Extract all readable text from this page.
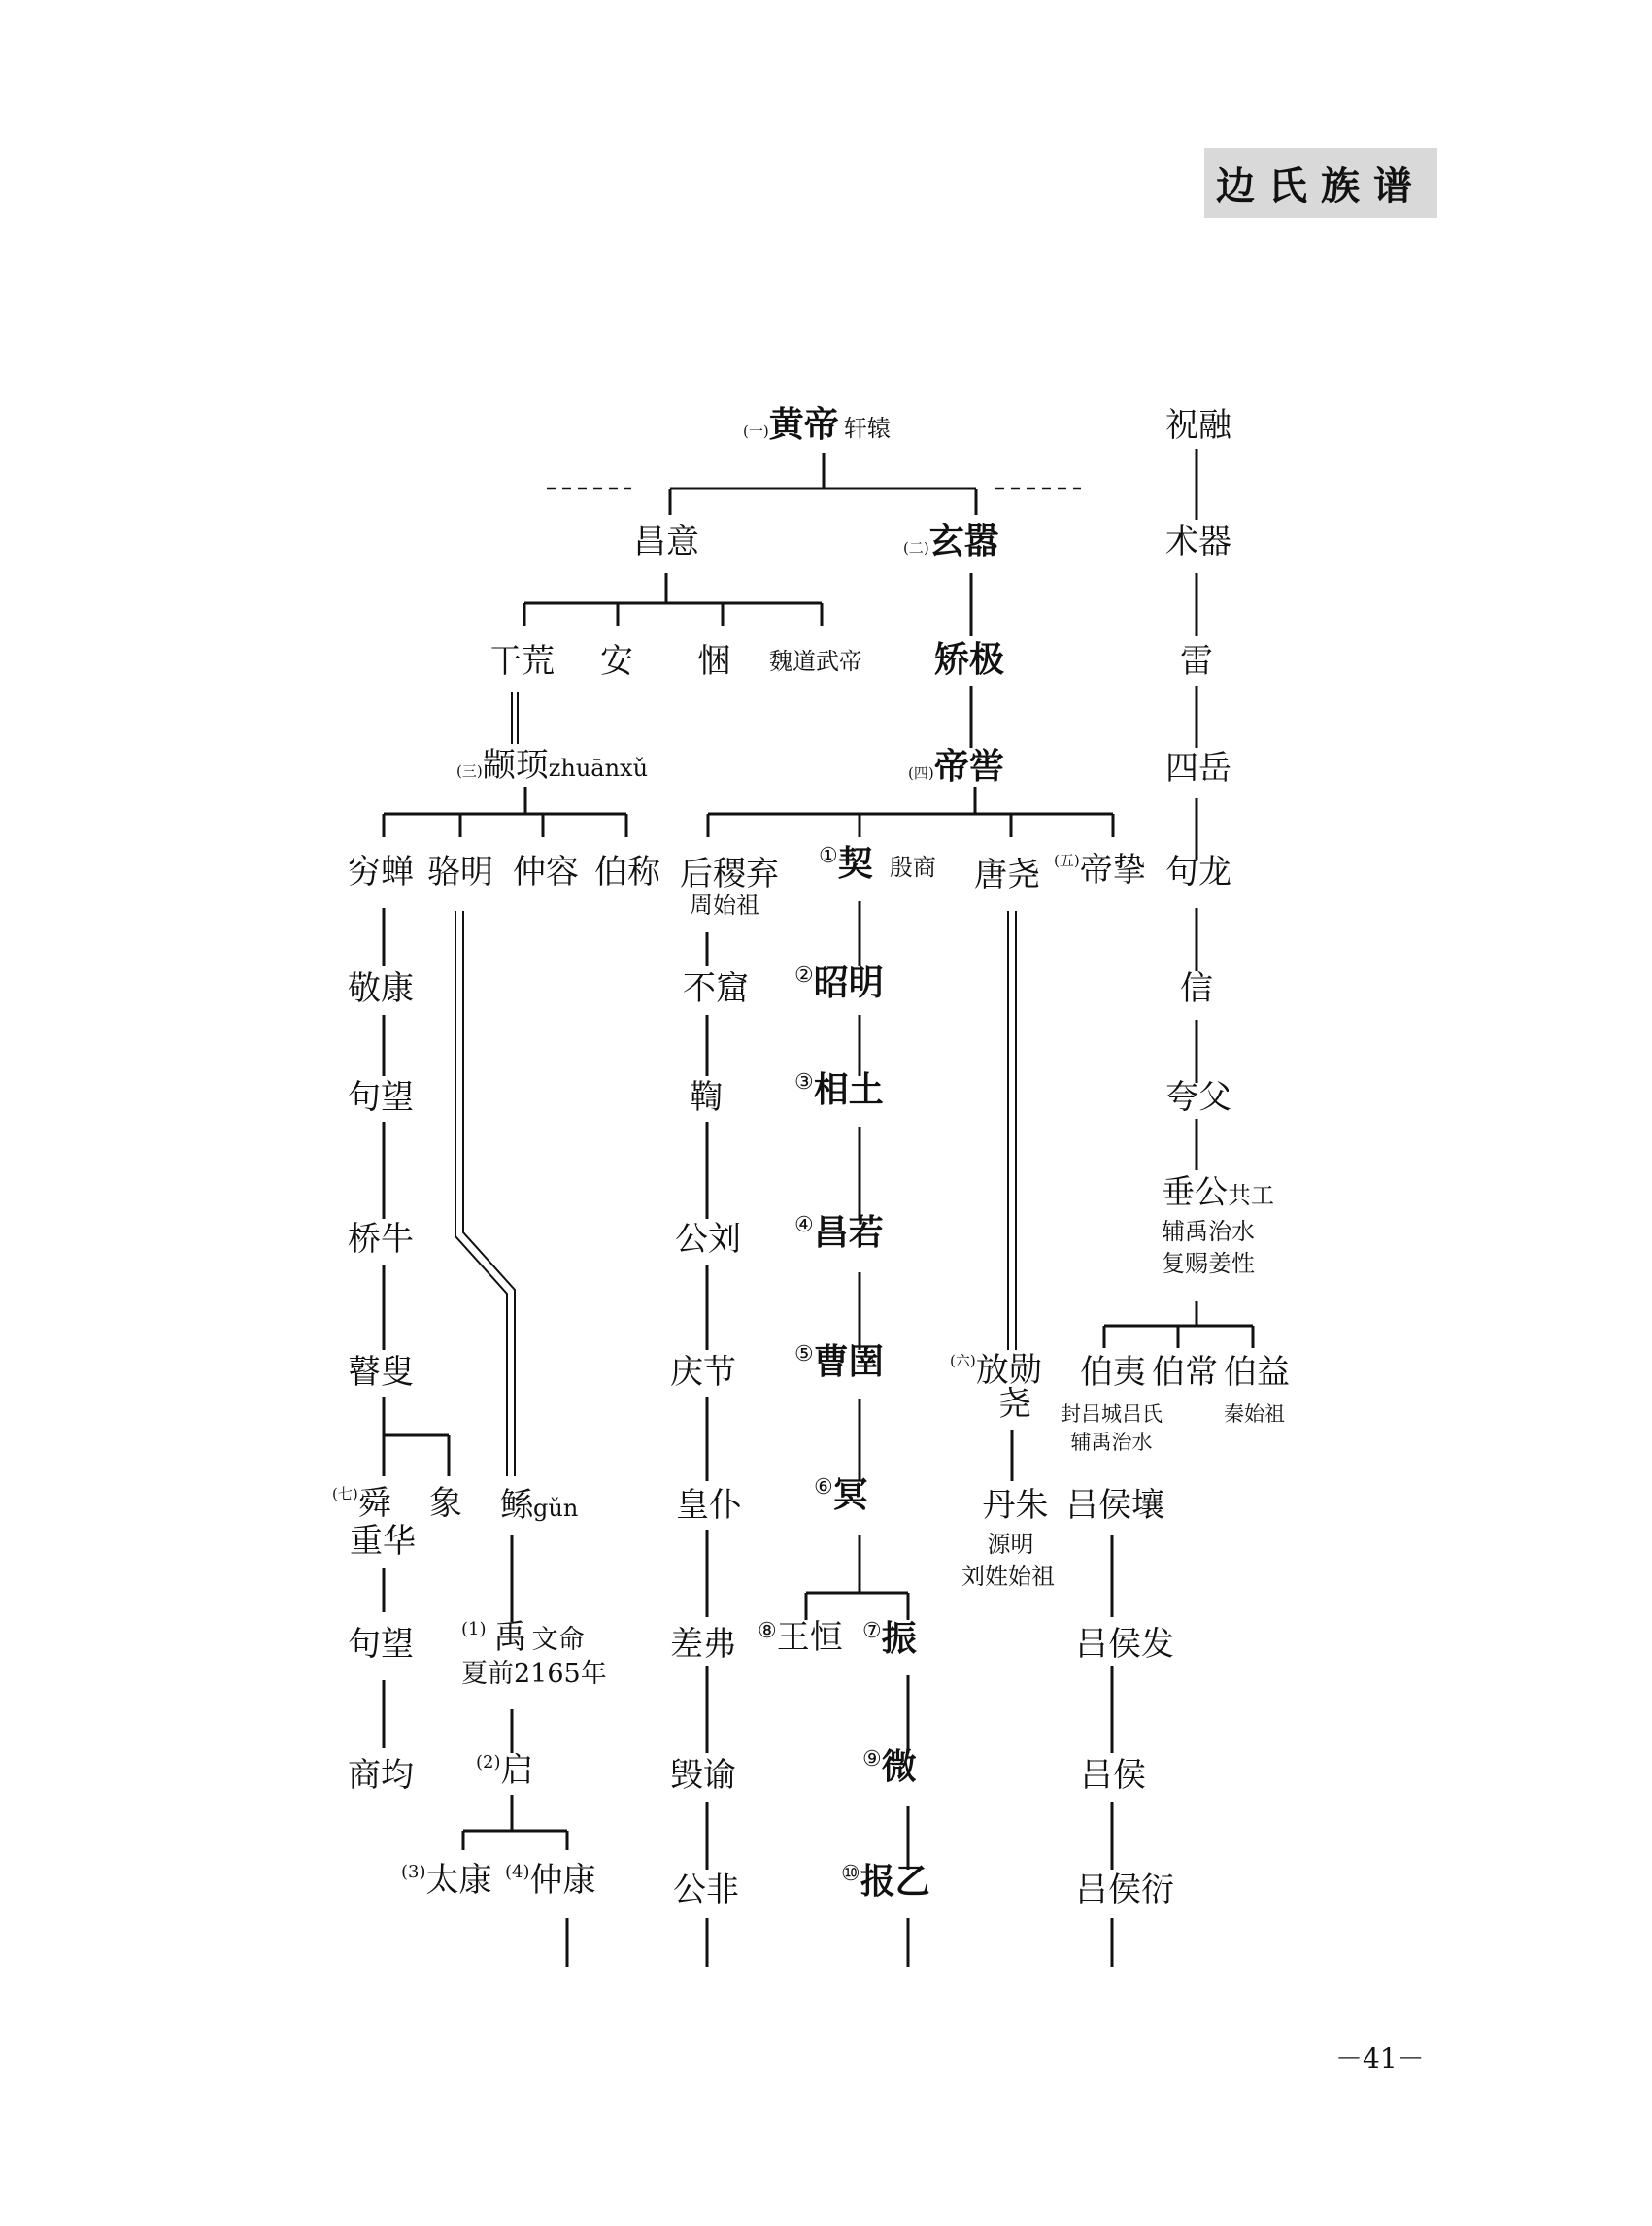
边氏族谱
(一)黄帝 轩辕	祝融
昌意	(二)玄嚣	术器
干荒 安 悃 魏道武帝 矫极	雷
(三)颛顼zhuānxǔ	(四)帝喾	四岳
穷蝉 骆明 仲容 伯称 后稷弃
周始祖
①契 殷商 唐尧 (五)帝挚 句龙
敬康	不窟 ②昭明	信
句望	鞫	③相土	夸父
垂公共工
辅禹治水
复赐姜性
桥牛	公刘	④昌若
瞽叟	庆节	⑤曹圉	(六)放勋
尧
伯夷 伯常 伯益
封吕城吕氏
辅禹治水
秦始祖
(七)舜
重华
象 鲧gǔn	皇仆	⑥冥	丹朱
源明
刘姓始祖
吕侯壤
句望	(1) 禹 文命
夏前2165年
差弗 ⑧王恒 ⑦振	吕侯发
商均	(2)启	毁谕	⑨微	吕侯
(3)太康 (4)仲康 公非	⑩报乙	吕侯衍
－41－
